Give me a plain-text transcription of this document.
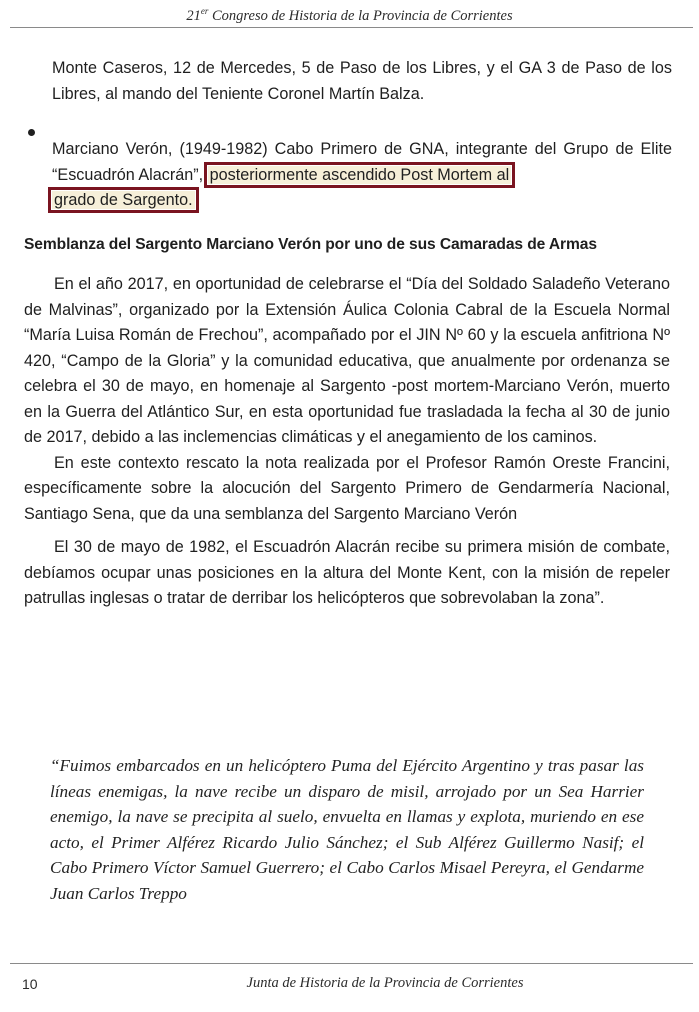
21er Congreso de Historia de la Provincia de Corrientes

Monte Caseros, 12 de Mercedes, 5 de Paso de los Libres, y el GA 3 de Paso de los Libres, al mando del Teniente Coronel Martín Balza.

Marciano Verón, (1949-1982) Cabo Primero de GNA, integrante del Grupo de Elite “Escuadrón Alacrán”, posteriormente ascendido Post Mortem al
grado de Sargento.

Semblanza del Sargento Marciano Verón por uno de sus Camaradas de Armas

En el año 2017, en oportunidad de celebrarse el “Día del Soldado Saladeño Veterano de Malvinas”, organizado por la Extensión Áulica Colonia Cabral de la Escuela Normal “María Luisa Román de Frechou”, acompañado por el JIN Nº 60 y la escuela anfitriona Nº 420, “Campo de la Gloria” y la comunidad educativa, que anualmente por ordenanza se celebra el 30 de mayo, en homenaje al Sargento -post mortem-Marciano Verón, muerto en la Guerra del Atlántico Sur, en esta oportunidad fue trasladada la fecha al 30 de junio de 2017, debido a las inclemencias climáticas y el anegamiento de los caminos.

En este contexto rescato la nota realizada por el Profesor Ramón Oreste Francini, específicamente sobre la alocución del Sargento Primero de Gendarmería Nacional, Santiago Sena, que da una semblanza del Sargento Marciano Verón

El 30 de mayo de 1982, el Escuadrón Alacrán recibe su primera misión de combate, debíamos ocupar unas posiciones en la altura del Monte Kent, con la misión de repeler patrullas inglesas o tratar de derribar los helicópteros que sobrevolaban la zona”.

“Fuimos embarcados en un helicóptero Puma del Ejército Argentino y tras pasar las líneas enemigas, la nave recibe un disparo de misil, arrojado por un Sea Harrier enemigo, la nave se precipita al suelo, envuelta en llamas y explota, muriendo en ese acto, el Primer Alférez Ricardo Julio Sánchez; el Sub Alférez Guillermo Nasif; el Cabo Primero Víctor Samuel Guerrero; el Cabo Carlos Misael Pereyra, el Gendarme Juan Carlos Treppo

10	Junta de Historia de la Provincia de Corrientes
